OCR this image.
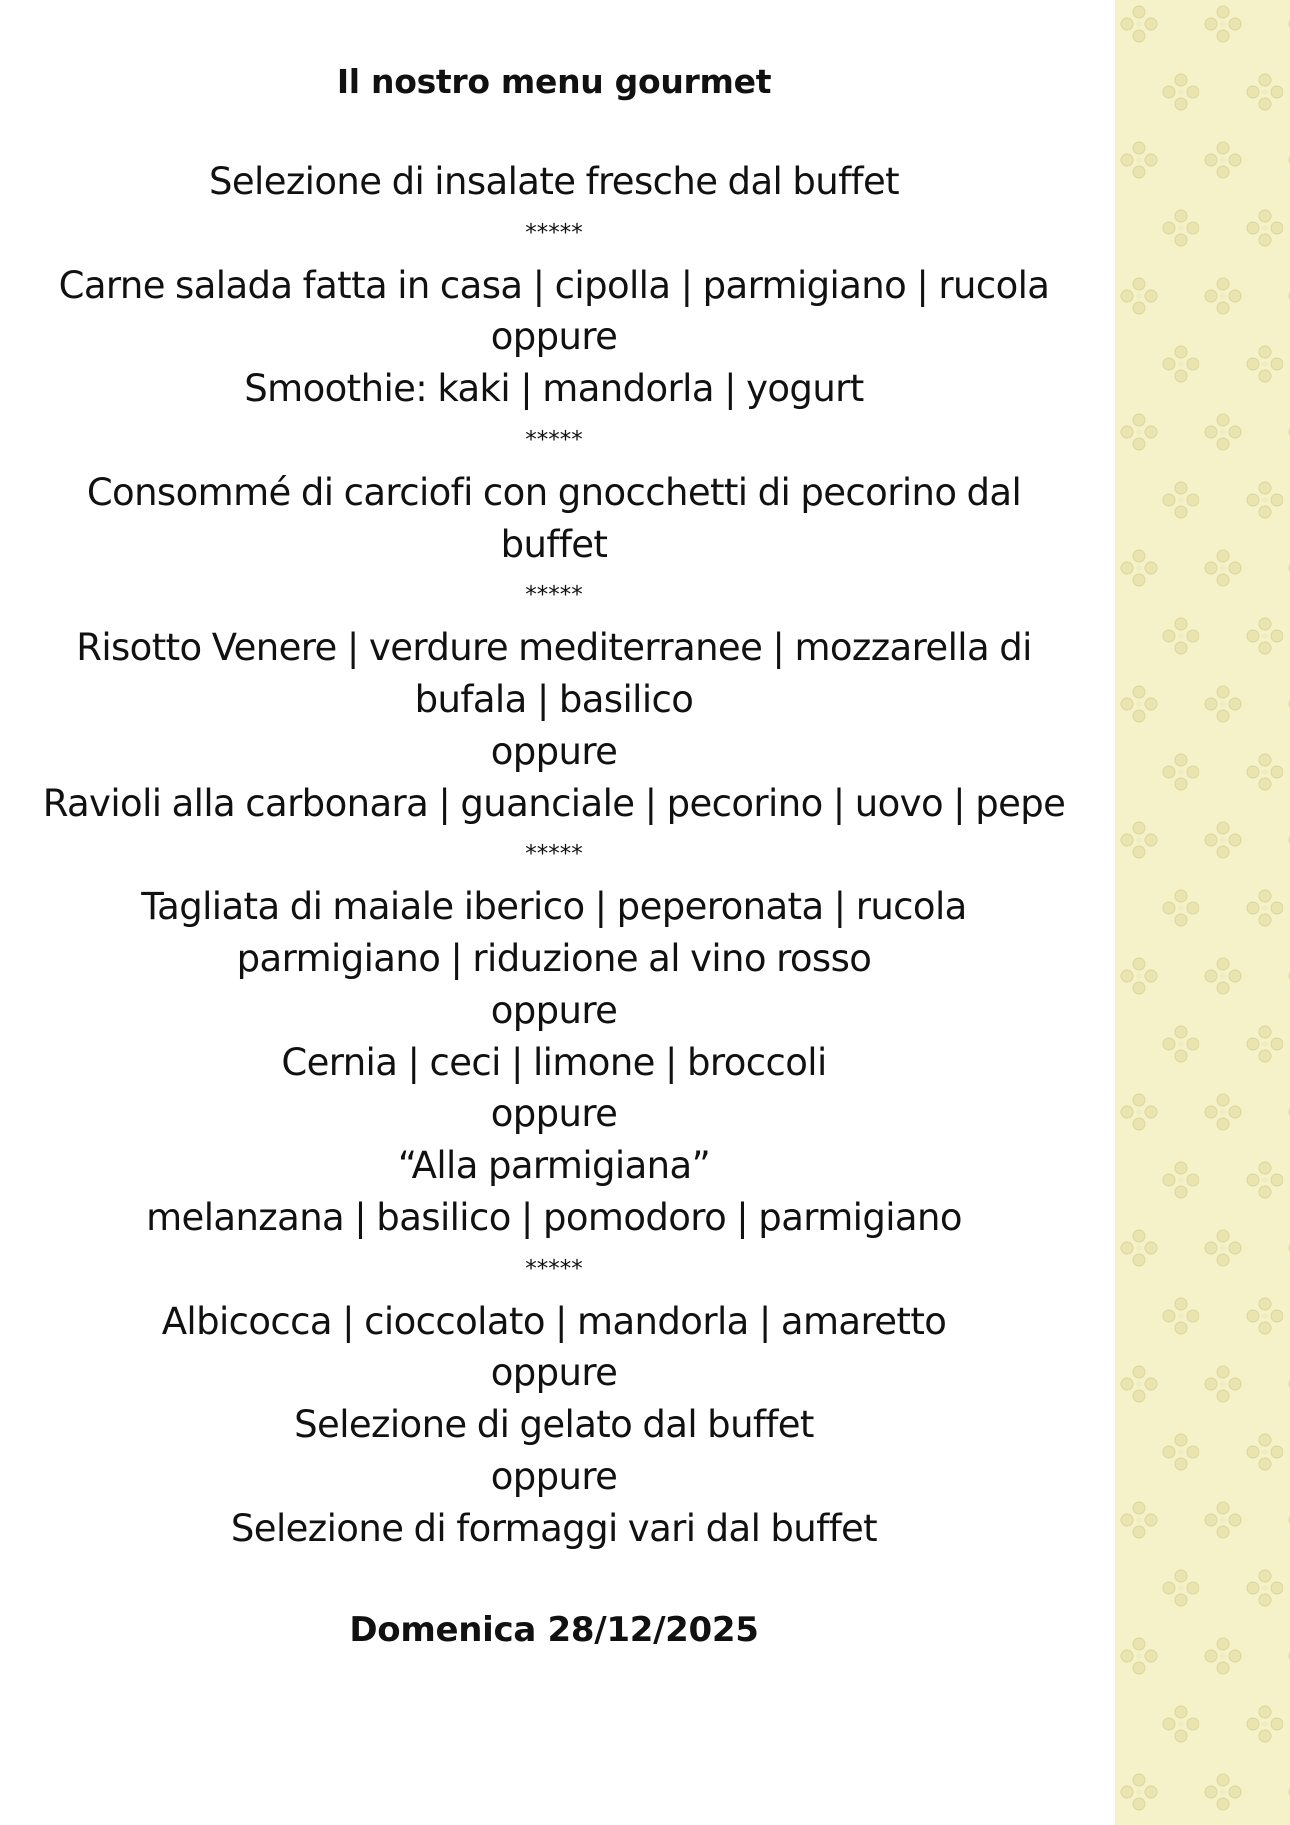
Il nostro menu gourmet
Selezione di insalate fresche dal buffet
*****
Carne salada fatta in casa | cipolla | parmigiano | rucola
oppure
Smoothie: kaki | mandorla | yogurt
*****
Consommé di carciofi con gnocchetti di pecorino dal
buffet
*****
Risotto Venere | verdure mediterranee | mozzarella di
bufala | basilico
oppure
Ravioli alla carbonara | guanciale | pecorino | uovo | pepe
*****
Tagliata di maiale iberico | peperonata | rucola
parmigiano | riduzione al vino rosso
oppure
Cernia | ceci | limone | broccoli
oppure
“Alla parmigiana”
melanzana | basilico | pomodoro | parmigiano
*****
Albicocca | cioccolato | mandorla | amaretto
oppure
Selezione di gelato dal buffet
oppure
Selezione di formaggi vari dal buffet
Domenica 28/12/2025
